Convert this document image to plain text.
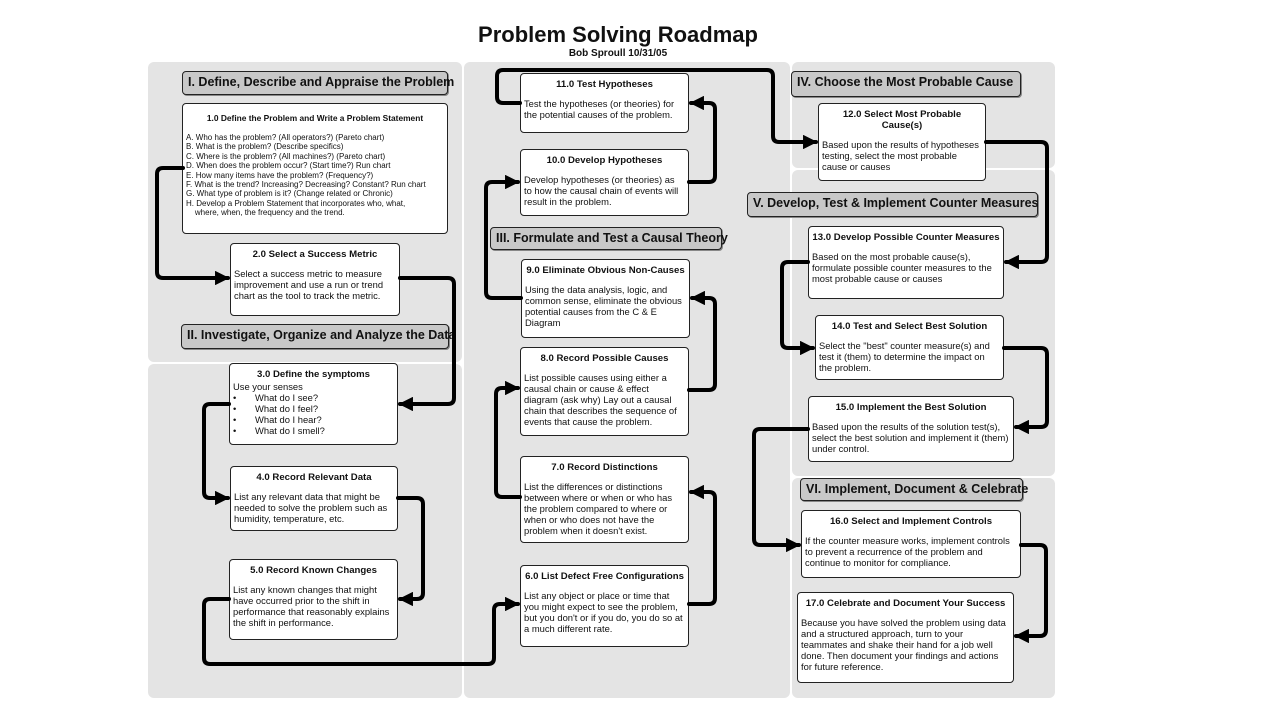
Problem Solving Roadmap
Bob Sproull 10/31/05
I. Define, Describe and Appraise the Problem
II. Investigate, Organize and Analyze the Data
III. Formulate and Test a Causal Theory
IV. Choose the Most Probable Cause
V. Develop, Test & Implement Counter Measures
VI. Implement, Document & Celebrate
1.0 Define the Problem and Write a Problem Statement
A. Who has the problem? (All operators?) (Pareto chart)
B. What is the problem? (Describe specifics)
C. Where is the problem? (All machines?) (Pareto chart)
D. When does the problem occur? (Start time?) Run chart
E. How many items have the problem? (Frequency?)
F. What is the trend? Increasing? Decreasing? Constant? Run chart
G. What type of problem is it? (Change related or Chronic)
H. Develop a Problem Statement that incorporates who, what,
where, when, the frequency and the trend.
2.0 Select a Success Metric
Select a success metric to measure improvement and use a run or trend chart as the tool to track the metric.
3.0 Define the symptoms
Use your senses
• What do I see?
• What do I feel?
• What do I hear?
• What do I smell?
4.0 Record Relevant Data
List any relevant data that might be needed to solve the problem such as humidity, temperature, etc.
5.0 Record Known Changes
List any known changes that might have occurred prior to the shift in performance that reasonably explains the shift in performance.
6.0 List Defect Free Configurations
List any object or place or time that you might expect to see the problem, but you don't or if you do, you do so at a much different rate.
7.0 Record Distinctions
List the differences or distinctions between where or when or who has the problem compared to where or when or who does not have the problem when it doesn't exist.
8.0 Record Possible Causes
List possible causes using either a causal chain or cause & effect diagram (ask why) Lay out a causal chain that describes the sequence of events that cause the problem.
9.0 Eliminate Obvious Non-Causes
Using the data analysis, logic, and common sense, eliminate the obvious potential causes from the C & E Diagram
10.0 Develop Hypotheses
Develop hypotheses (or theories) as to how the causal chain of events will result in the problem.
11.0 Test Hypotheses
Test the hypotheses (or theories) for the potential causes of the problem.	12.0 Select Most Probable Cause(s)
Based upon the results of hypotheses testing, select the most probable cause or causes
13.0 Develop Possible Counter Measures
Based on the most probable cause(s), formulate possible counter measures to the most probable cause or causes
14.0 Test and Select Best Solution
Select the "best" counter measure(s) and test it (them) to determine the impact on the problem.
15.0 Implement the Best Solution
Based upon the results of the solution test(s), select the best solution and implement it (them) under control.
16.0 Select and Implement Controls
If the counter measure works, implement controls to prevent a recurrence of the problem and continue to monitor for compliance.
17.0 Celebrate and Document Your Success
Because you have solved the problem using data and a structured approach, turn to your teammates and shake their hand for a job well done. Then document your findings and actions for future reference.
